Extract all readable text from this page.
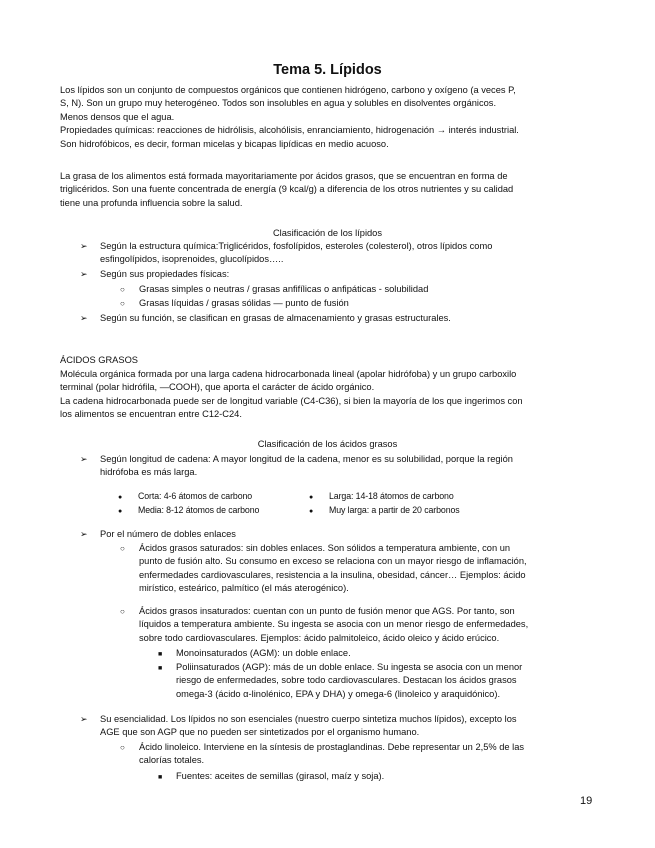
Tema 5. Lípidos
Los lípidos son un conjunto de compuestos orgánicos que contienen hidrógeno, carbono y oxígeno (a veces P,
S, N). Son un grupo muy heterogéneo. Todos son insolubles en agua y solubles en disolventes orgánicos.
Menos densos que el agua.
Propiedades químicas: reacciones de hidrólisis, alcohólisis, enranciamiento, hidrogenación → interés industrial.
Son hidrofóbicos, es decir, forman micelas y bicapas lipídicas en medio acuoso.
La grasa de los alimentos está formada mayoritariamente por ácidos grasos, que se encuentran en forma de
triglicéridos. Son una fuente concentrada de energía (9 kcal/g) a diferencia de los otros nutrientes y su calidad
tiene una profunda influencia sobre la salud.
Clasificación de los lípidos
➢ Según la estructura química:Triglicéridos, fosfolípidos, esteroles (colesterol), otros lípidos como
esfingolípidos, isoprenoides, glucolípidos…..
➢ Según sus propiedades físicas:
○ Grasas simples o neutras / grasas anfifílicas o anfipáticas - solubilidad
○ Grasas líquidas / grasas sólidas — punto de fusión
➢ Según su función, se clasifican en grasas de almacenamiento y grasas estructurales.
ÁCIDOS GRASOS
Molécula orgánica formada por una larga cadena hidrocarbonada lineal (apolar hidrófoba) y un grupo carboxilo
terminal (polar hidrófila, —COOH), que aporta el carácter de ácido orgánico.
La cadena hidrocarbonada puede ser de longitud variable (C4-C36), si bien la mayoría de los que ingerimos con
los alimentos se encuentran entre C12-C24.
Clasificación de los ácidos grasos
➢ Según longitud de cadena: A mayor longitud de la cadena, menor es su solubilidad, porque la región
hidrófoba es más larga.
● Corta: 4-6 átomos de carbono
● Media: 8-12 átomos de carbono
● Larga: 14-18 átomos de carbono
● Muy larga: a partir de 20 carbonos
➢ Por el número de dobles enlaces
○ Ácidos grasos saturados: sin dobles enlaces. Son sólidos a temperatura ambiente, con un
punto de fusión alto. Su consumo en exceso se relaciona con un mayor riesgo de inflamación,
enfermedades cardiovasculares, resistencia a la insulina, obesidad, cáncer… Ejemplos: ácido
mirístico, esteárico, palmítico (el más aterogénico).
○ Ácidos grasos insaturados: cuentan con un punto de fusión menor que AGS. Por tanto, son
líquidos a temperatura ambiente. Su ingesta se asocia con un menor riesgo de enfermedades,
sobre todo cardiovasculares. Ejemplos: ácido palmitoleico, ácido oleico y ácido erúcico.
■ Monoinsaturados (AGM): un doble enlace.
■ Poliinsaturados (AGP): más de un doble enlace. Su ingesta se asocia con un menor
riesgo de enfermedades, sobre todo cardiovasculares. Destacan los ácidos grasos
omega-3 (ácido α-linolénico, EPA y DHA) y omega-6 (linoleico y araquidónico).
➢ Su esencialidad. Los lípidos no son esenciales (nuestro cuerpo sintetiza muchos lípidos), excepto los
AGE que son AGP que no pueden ser sintetizados por el organismo humano.
○ Ácido linoleico. Interviene en la síntesis de prostaglandinas. Debe representar un 2,5% de las
calorías totales.
■ Fuentes: aceites de semillas (girasol, maíz y soja).
19
